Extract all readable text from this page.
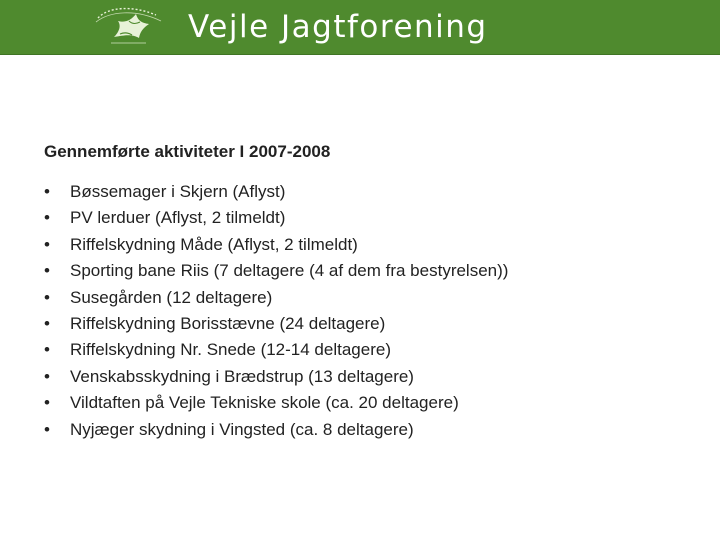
Vejle Jagtforening
Gennemførte aktiviteter I 2007-2008
•	Bøssemager i Skjern (Aflyst)
•	PV lerduer (Aflyst, 2 tilmeldt)
•	Riffelskydning Måde (Aflyst, 2 tilmeldt)
•	Sporting bane Riis (7 deltagere (4 af dem fra bestyrelsen))
•	Susegården (12 deltagere)
•	Riffelskydning Borisstævne (24 deltagere)
•	Riffelskydning Nr. Snede (12-14 deltagere)
•	Venskabsskydning i Brædstrup (13 deltagere)
•	Vildtaften på Vejle Tekniske skole (ca. 20 deltagere)
•	Nyjæger skydning i Vingsted (ca. 8 deltagere)
